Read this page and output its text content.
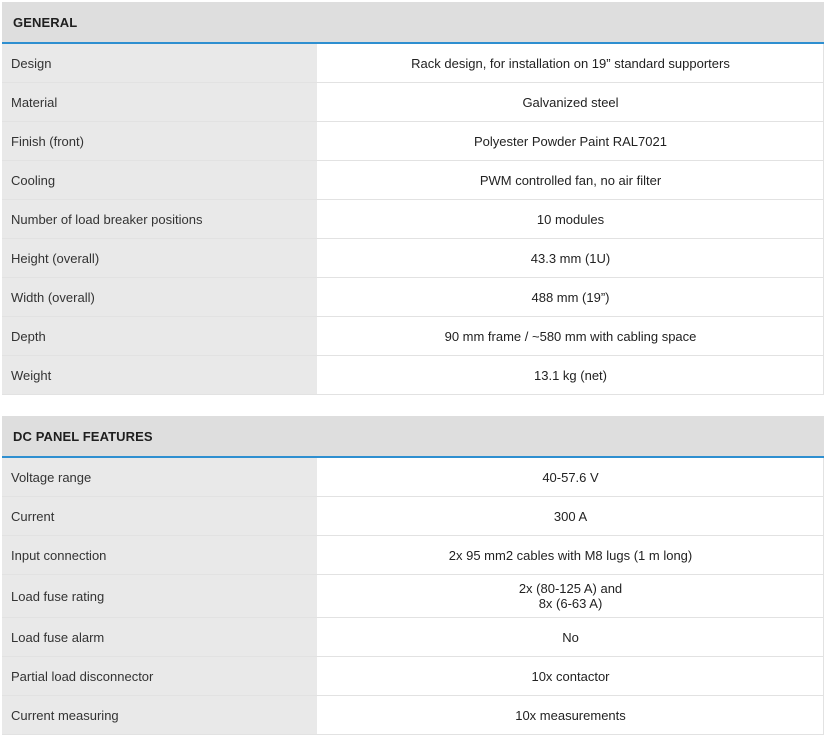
GENERAL
Design	Rack design, for installation on 19” standard supporters
Material	Galvanized steel
Finish (front)	Polyester Powder Paint RAL7021
Cooling	PWM controlled fan, no air filter
Number of load breaker positions	10 modules
Height (overall)	43.3 mm (1U)
Width (overall)	488 mm (19”)
Depth	90 mm frame / ~580 mm with cabling space
Weight	13.1 kg (net)
DC PANEL FEATURES
Voltage range	40-57.6 V
Current	300 A
Input connection	2x 95 mm2 cables with M8 lugs (1 m long)
Load fuse rating	2x (80-125 A) and
8x (6-63 A)
Load fuse alarm	No
Partial load disconnector	10x contactor
Current measuring	10x measurements
